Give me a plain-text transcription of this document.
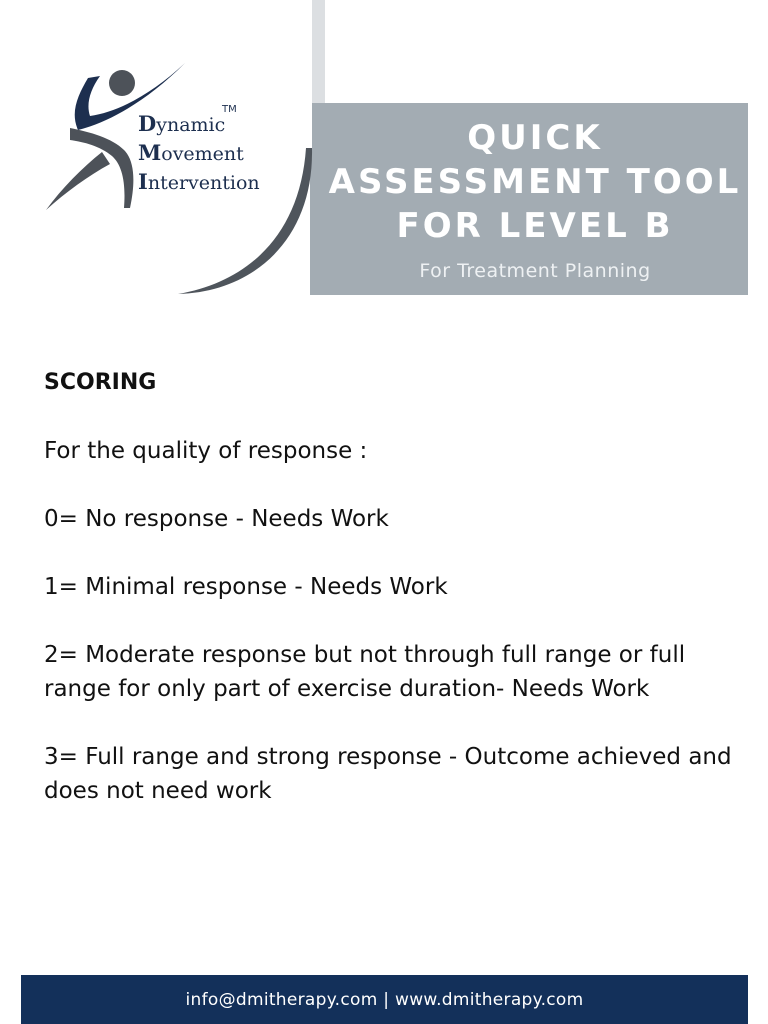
TM
Dynamic
Movement
Intervention
QUICK
ASSESSMENT TOOL
FOR LEVEL B
For Treatment Planning
SCORING

For the quality of response :

0= No response - Needs Work

1= Minimal response - Needs Work

2= Moderate response but not through full range or full range for only part of exercise duration- Needs Work

3= Full range and strong response - Outcome achieved and does not need work

info@dmitherapy.com | www.dmitherapy.com
